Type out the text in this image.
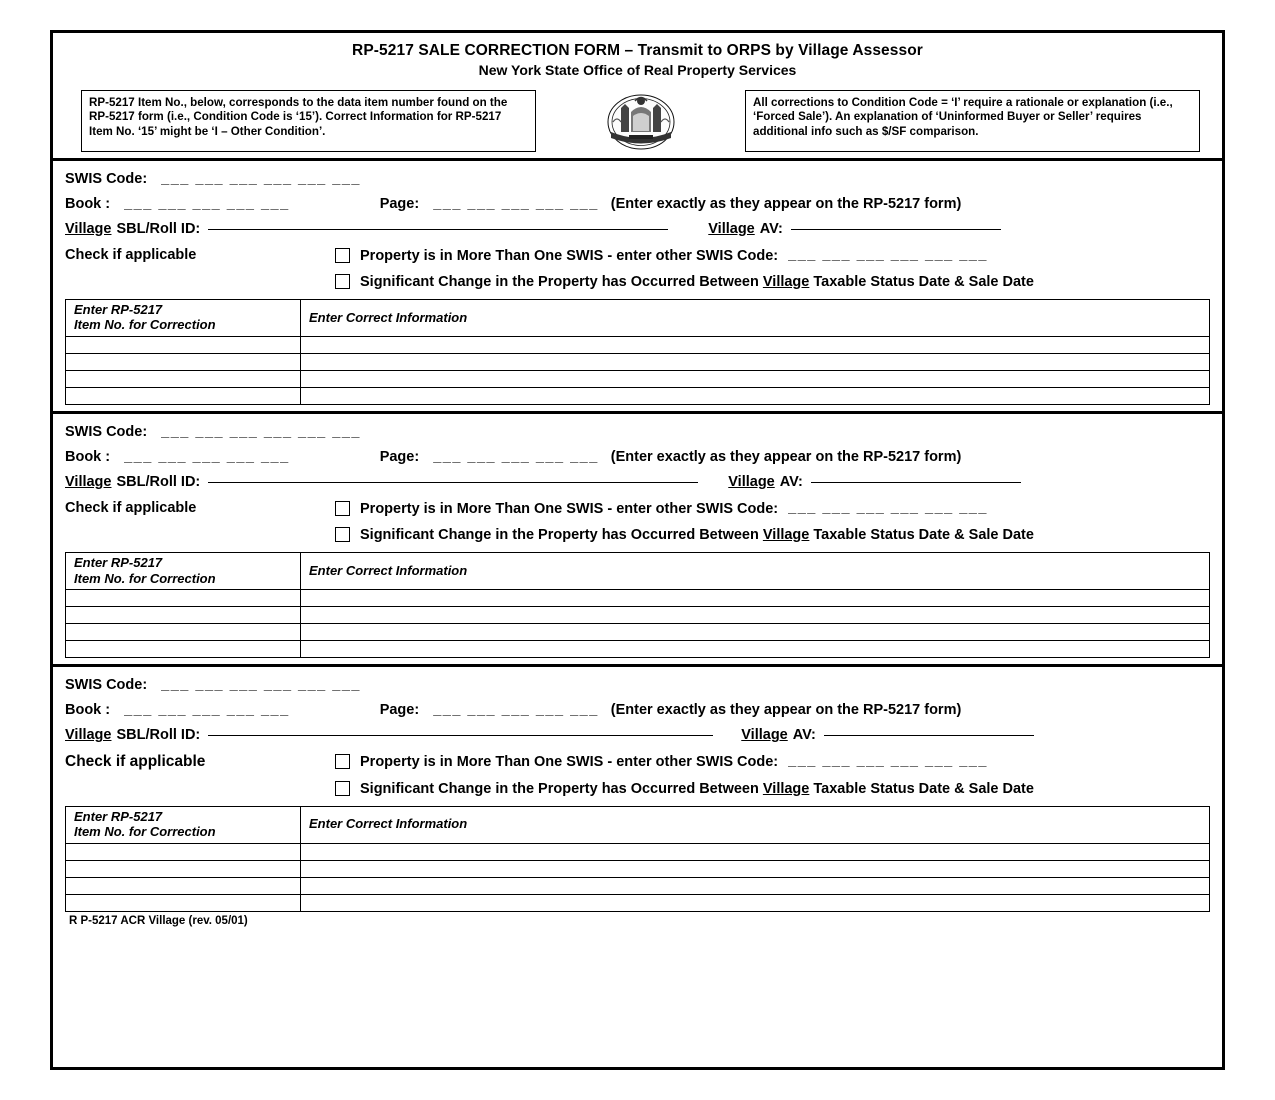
RP-5217 SALE CORRECTION FORM – Transmit to ORPS by Village Assessor
New York State Office of Real Property Services
RP-5217 Item No., below, corresponds to the data item number found on the RP-5217 form (i.e., Condition Code is ‘15’). Correct Information for RP-5217 Item No. ‘15’ might be ‘I – Other Condition’.
All corrections to Condition Code = ‘I’ require a rationale or explanation (i.e., ‘Forced Sale’). An explanation of ‘Uninformed Buyer or Seller’ requires additional info such as $/SF comparison.
SWIS Code: ___ ___ ___ ___ ___ ___
Book : ___ ___ ___ ___ ___	Page: ___ ___ ___ ___ ___ (Enter exactly as they appear on the RP-5217 form)
Village SBL/Roll ID:	Village AV:
Check if applicable	Property is in More Than One SWIS - enter other SWIS Code: ___ ___ ___ ___ ___ ___
Significant Change in the Property has Occurred Between Village Taxable Status Date & Sale Date
Enter RP-5217
Item No. for Correction	Enter Correct Information

SWIS Code: ___ ___ ___ ___ ___ ___
Book : ___ ___ ___ ___ ___	Page: ___ ___ ___ ___ ___ (Enter exactly as they appear on the RP-5217 form)
Village SBL/Roll ID:	Village AV:
Check if applicable	Property is in More Than One SWIS - enter other SWIS Code: ___ ___ ___ ___ ___ ___
Significant Change in the Property has Occurred Between Village Taxable Status Date & Sale Date
Enter RP-5217
Item No. for Correction	Enter Correct Information

SWIS Code: ___ ___ ___ ___ ___ ___
Book : ___ ___ ___ ___ ___	Page: ___ ___ ___ ___ ___ (Enter exactly as they appear on the RP-5217 form)
Village SBL/Roll ID:	Village AV:
Check if applicable	Property is in More Than One SWIS - enter other SWIS Code: ___ ___ ___ ___ ___ ___
Significant Change in the Property has Occurred Between Village Taxable Status Date & Sale Date
Enter RP-5217
Item No. for Correction	Enter Correct Information

R P-5217 ACR Village (rev. 05/01)
